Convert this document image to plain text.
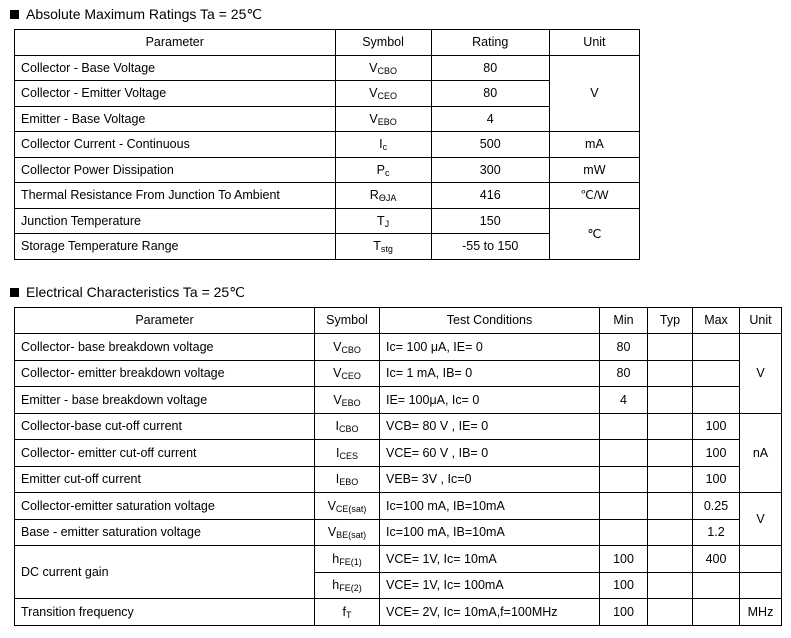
Absolute Maximum Ratings Ta = 25℃
Parameter	Symbol	Rating	Unit
Collector - Base Voltage	$V_{CBO}$	80	V
Collector - Emitter Voltage	$V_{CEO}$	80	
Emitter - Base Voltage	$V_{EBO}$	4	
Collector Current - Continuous	$I_c$	500	mA
Collector Power Dissipation	$P_c$	300	mW
Thermal Resistance From Junction To Ambient	$R_{ӨJA}$	416	℃/W
Junction Temperature	$T_J$	150	℃
Storage Temperature Range	$T_{stg}$	-55 to 150	
Electrical Characteristics Ta = 25℃
Parameter	Symbol	Test Conditions	Min	Typ	Max	Unit
Collector- base breakdown voltage	$V_{CBO}$	Ic= 100 μA, IE= 0	80			V
Collector- emitter breakdown voltage	$V_{CEO}$	Ic= 1 mA, IB= 0	80			
Emitter - base breakdown voltage	$V_{EBO}$	IE= 100μA, Ic= 0	4			
Collector-base cut-off current	$I_{CBO}$	VCB= 80 V , IE= 0			100	nA
Collector- emitter cut-off current	$I_{CES}$	VCE= 60 V , IB= 0			100	
Emitter cut-off current	$I_{EBO}$	VEB= 3V , Ic=0			100	
Collector-emitter saturation voltage	$V_{CE(sat)}$	Ic=100 mA, IB=10mA			0.25	V
Base - emitter saturation voltage	$V_{BE(sat)}$	Ic=100 mA, IB=10mA			1.2	
DC current gain	$h_{FE(1)}$	VCE= 1V, Ic= 10mA	100		400	
	$h_{FE(2)}$	VCE= 1V, Ic= 100mA	100			
Transition frequency	$f_T$	VCE= 2V, Ic= 10mA,f=100MHz	100			MHz
